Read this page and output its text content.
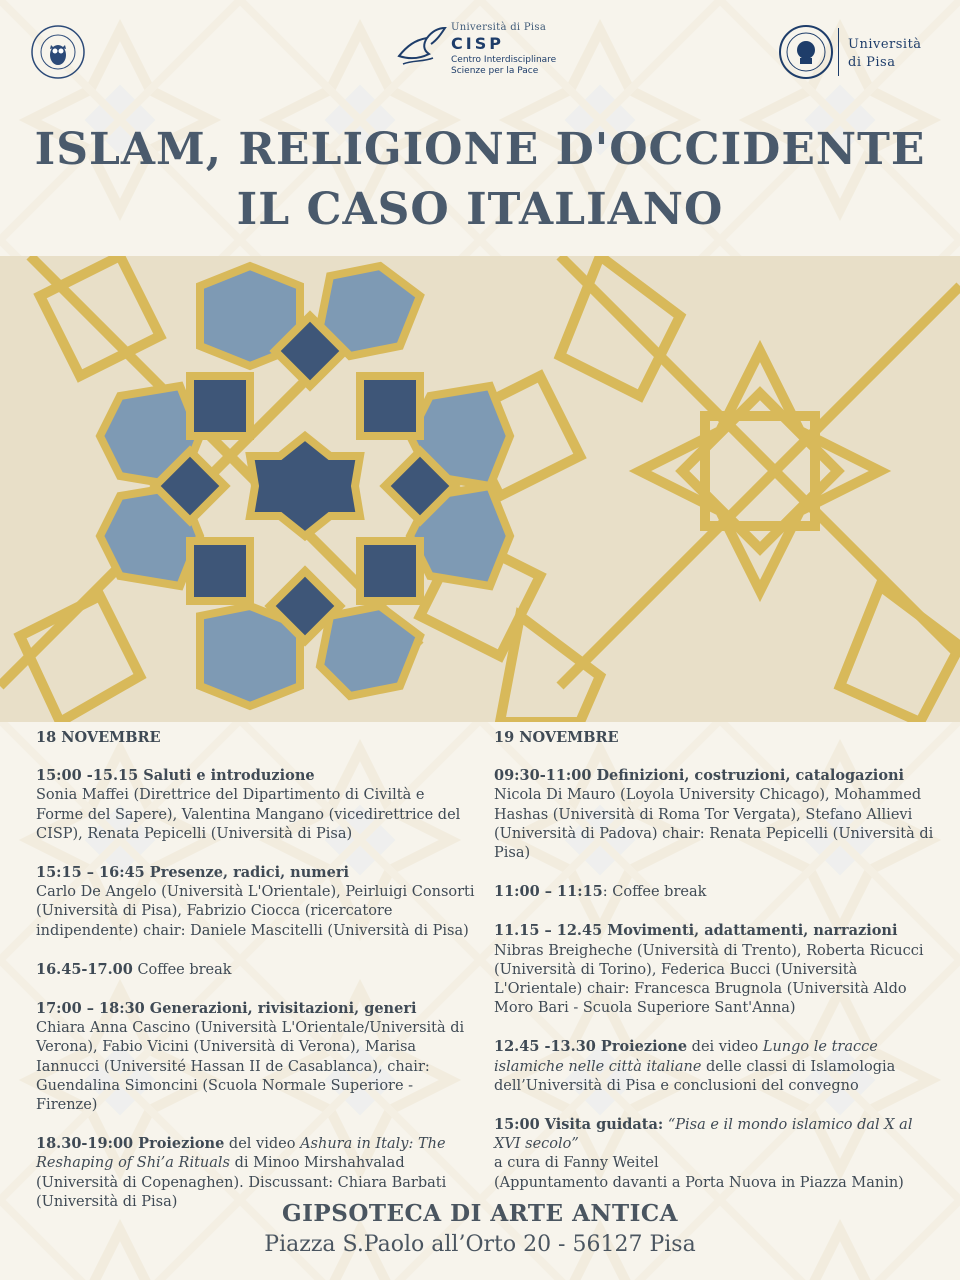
Università di Pisa
CISP
Centro Interdisciplinare
Scienze per la Pace
Università
di Pisa
ISLAM, RELIGIONE D'OCCIDENTE
IL CASO ITALIANO
18 NOVEMBRE
15:00 -15.15 Saluti e introduzione
Sonia Maffei (Direttrice del Dipartimento di Civiltà e Forme del Sapere), Valentina Mangano (vicedirettrice del CISP), Renata Pepicelli (Università di Pisa)
15:15 – 16:45 Presenze, radici, numeri
Carlo De Angelo (Università L'Orientale), Peirluigi Consorti (Università di Pisa), Fabrizio Ciocca (ricercatore indipendente) chair: Daniele Mascitelli (Università di Pisa)
16.45-17.00 Coffee break
17:00 – 18:30 Generazioni, rivisitazioni, generi
Chiara Anna Cascino (Università L'Orientale/Università di Verona), Fabio Vicini (Università di Verona), Marisa Iannucci (Université Hassan II de Casablanca), chair: Guendalina Simoncini (Scuola Normale Superiore - Firenze)
18.30-19:00 Proiezione del video Ashura in Italy: The Reshaping of Shi’a Rituals di Minoo Mirshahvalad (Università di Copenaghen). Discussant: Chiara Barbati (Università di Pisa)
19 NOVEMBRE
09:30-11:00 Definizioni, costruzioni, catalogazioni
Nicola Di Mauro (Loyola University Chicago), Mohammed Hashas (Università di Roma Tor Vergata), Stefano Allievi (Università di Padova) chair: Renata Pepicelli (Università di Pisa)
11:00 – 11:15: Coffee break
11.15 – 12.45 Movimenti, adattamenti, narrazioni
Nibras Breigheche (Università di Trento), Roberta Ricucci (Università di Torino), Federica Bucci (Università L'Orientale) chair: Francesca Brugnola (Università Aldo Moro Bari - Scuola Superiore Sant'Anna)
12.45 -13.30 Proiezione dei video Lungo le tracce islamiche nelle città italiane delle classi di Islamologia dell’Università di Pisa e conclusioni del convegno
15:00 Visita guidata: “Pisa e il mondo islamico dal X al XVI secolo”
a cura di Fanny Weitel
(Appuntamento davanti a Porta Nuova in Piazza Manin)
GIPSOTECA DI ARTE ANTICA
Piazza S.Paolo all’Orto 20 - 56127 Pisa
